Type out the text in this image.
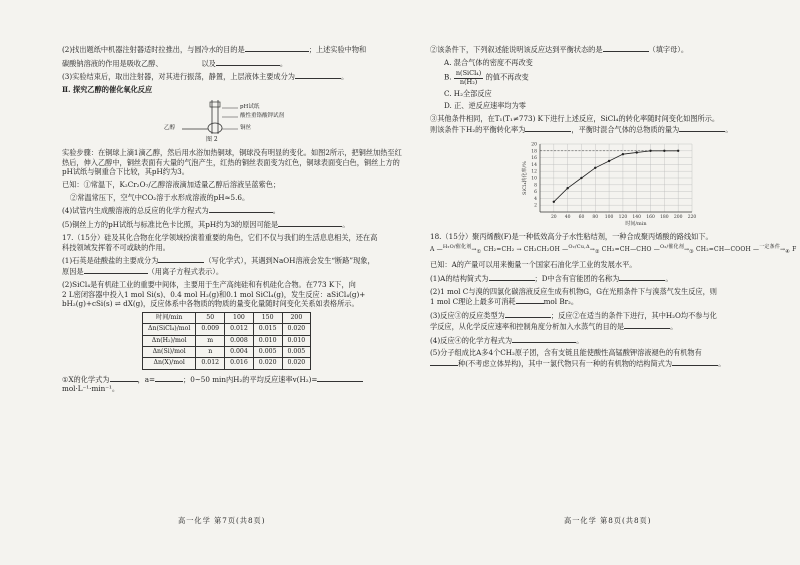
(2)找出题纸中机器注射器适时拉推出，与圆冷水的目的是	；上述实验中物和

碳酸钠溶液的作用是吸收乙醇、                 以及	。

(3)实验结束后，取出注射器，对其进行振荡，静置，上层液体主要成分为	。

Ⅱ. 探究乙醇的催化氧化反应

pH试纸
酸性重铬酸钾试剂
乙醇	铜丝
图 2

实验步骤：在铜球上滴1滴乙醇，然后用水浴加热铜球，铜球没有明显的变化。如图2所示，把铜丝加热至红热后，伸入乙醇中，铜丝表面有大量的气泡产生，红热的铜丝表面变为红色，铜球表面变白色，铜丝上方的pH试纸与铜重合下比较，其pH约为3。

已知：①常温下，K₂Cr₂O₇/乙醇溶液滴加适量乙醇后溶液呈蓝紫色；

②常温常压下，空气中CO₂溶于水形成溶液的pH≈5.6。

(4)试管内生成酸溶液的总反应的化学方程式为	。

(5)铜丝上方的pH试纸与标准比色卡比照，其pH约为3的原因可能是	。

17.（15分）硅及其化合物在化学领域扮演着重要的角色，它们不仅与我们的生活息息相关，还在高
科技领域发挥着不可或缺的作用。

(1)石英是硅酸盐的主要成分为	（写化学式），其遇到NaOH溶液会发生“断路”现象，
原因是	（用离子方程式表示）。

(2)SiCl₄是有机硅工业的重要中间体，主要用于生产高纯硅和有机硅化合物。在773 K下，向
2 L密闭容器中投入1 mol Si(s)、0.4 mol H₂(g)和0.1 mol SiCl₄(g)，发生反应：aSiCl₄(g)+
bH₂(g)+cSi(s) ⇌ dX(g)，反应体系中各物质的物质的量变化量随时间变化关系如表格所示。

时间/min	50	100	150	200
Δn(SiCl₄)/mol	0.009	0.012	0.015	0.020
Δn(H₂)/mol	m	0.008	0.010	0.010
Δn(Si)/mol	n	0.004	0.005	0.005
Δn(X)/mol	0.012	0.016	0.020	0.020

①X的化学式为	，a=	；0~50 min内H₂的平均反应速率v(H₂)=
mol·L⁻¹·min⁻¹。

②该条件下，下列叙述能说明该反应达到平衡状态的是	（填字母）。

A. 混合气体的密度不再改变

B. $\frac{\text{n(SiCl₄)}}{\text{n(H₂)}}$ 的值不再改变

C. H₂全部反应

D. 正、逆反应速率均为零

③其他条件相同，在T₁(T₁≠773) K下进行上述反应，SiCl₄的转化率随时间变化如图所示。
则该条件下H₂的平衡转化率为	，平衡时混合气体的总物质的量为	。

2
4
6
8
10
12
14
16
18
20
20 40 60 80 100 120 140 160 180 200 220
时间/min
SiCl₄转化率/%

18.（15分）聚丙烯酸(F)是一种低效高分子水性粘结剂，一种合成聚丙烯酸的路线如下。

A $—^{H_2O/催化剂}\to_①$ CH₂=CH₂ → CH₃CH₂OH $—^{O_2/Cu,\Delta}\to_②$ CH₂=CH—CHO $—^{O_2/催化剂}\to_③$ CH₂=CH—COOH $—^{一定条件}\to_④$ F

已知：A的产量可以用来衡量一个国家石油化学工业的发展水平。

(1)A的结构简式为	；D中含有官能团的名称为	。

(2)1 mol C与溴的四氯化碳溶液反应生成有机物G，G在光照条件下与溴蒸气发生反应，则
1 mol C理论上最多可消耗	mol Br₂。

(3)反应③的反应类型为	；反应②在适当的条件下进行，其中H₂O均不参与化
学反应，从化学反应速率和控制角度分析加入水蒸气的目的是	。

(4)反应④的化学方程式为	。

(5)分子组成比A多4个CH₂原子团，含有支链且能使酸性高锰酸钾溶液褪色的有机物有
种(不考虑立体异构)，其中一氯代物只有一种的有机物的结构简式为	。

高一化学 第7页(共8页)	高一化学 第8页(共8页)
